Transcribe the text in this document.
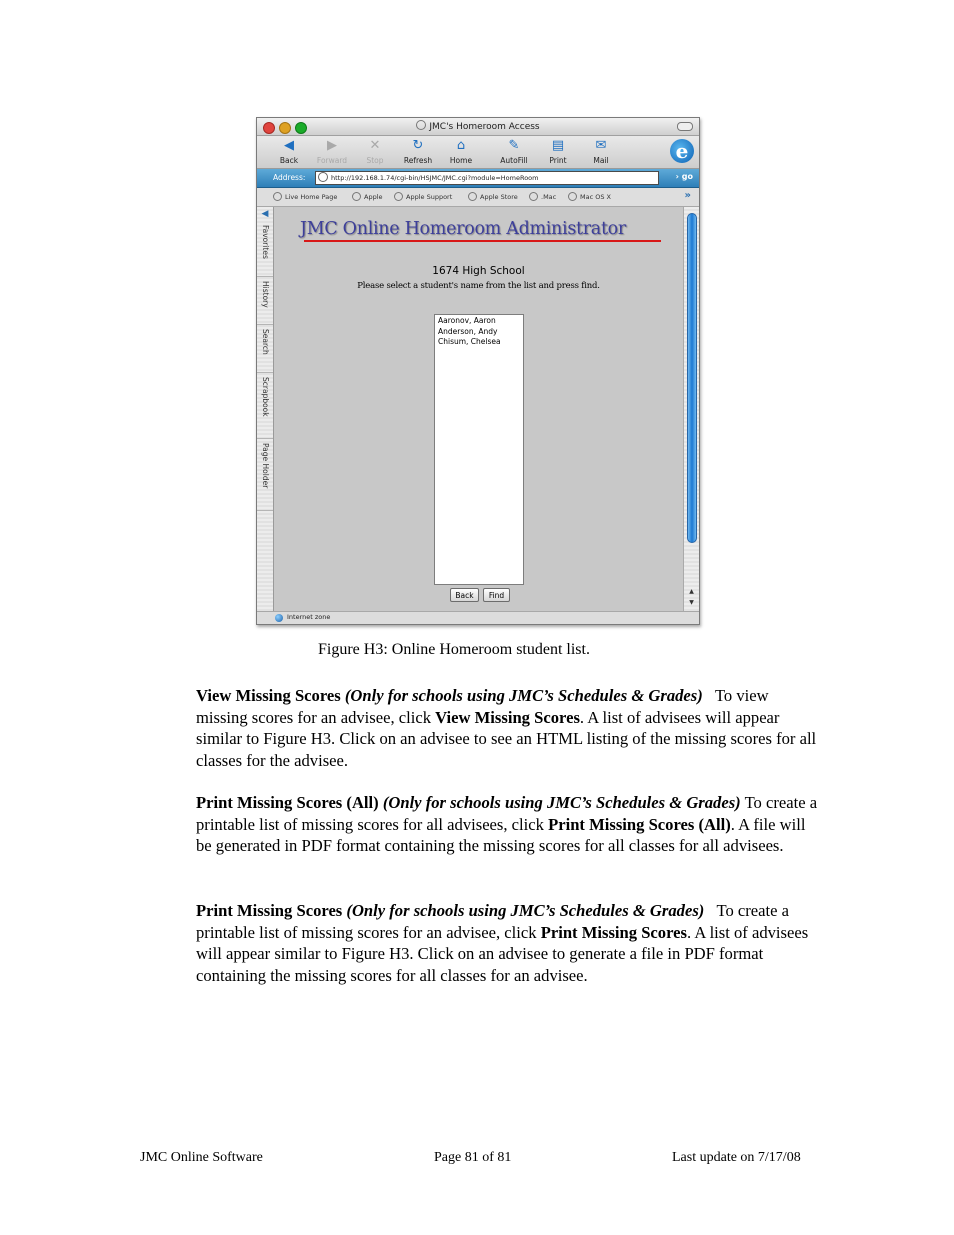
JMC's Homeroom Access
◀
Back
▶
Forward
✕
Stop
↻
Refresh
⌂
Home
✎
AutoFill
▤
Print
✉
Mail	e
Address:	http://192.168.1.74/cgi-bin/HSJMC/JMC.cgi?module=HomeRoom	› go
Live Home Page	Apple	Apple Support	Apple Store	.Mac	Mac OS X	»
◀
Favorites
History
Search
Scrapbook
Page Holder
JMC Online Homeroom Administrator
1674 High School
Please select a student's name from the list and press find.
Aaronov, Aaron
Anderson, Andy
Chisum, Chelsea
Back	Find	▲
▼
Internet zone
Figure H3: Online Homeroom student list.
View Missing Scores (Only for schools using JMC’s Schedules & Grades) To view missing scores for an advisee, click View Missing Scores. A list of advisees will appear similar to Figure H3. Click on an advisee to see an HTML listing of the missing scores for all classes for the advisee.
Print Missing Scores (All) (Only for schools using JMC’s Schedules & Grades) To create a printable list of missing scores for all advisees, click Print Missing Scores (All). A file will be generated in PDF format containing the missing scores for all classes for all advisees.
Print Missing Scores (Only for schools using JMC’s Schedules & Grades) To create a printable list of missing scores for an advisee, click Print Missing Scores. A list of advisees will appear similar to Figure H3. Click on an advisee to generate a file in PDF format containing the missing scores for all classes for an advisee.
JMC Online Software	Page 81 of 81	Last update on 7/17/08
